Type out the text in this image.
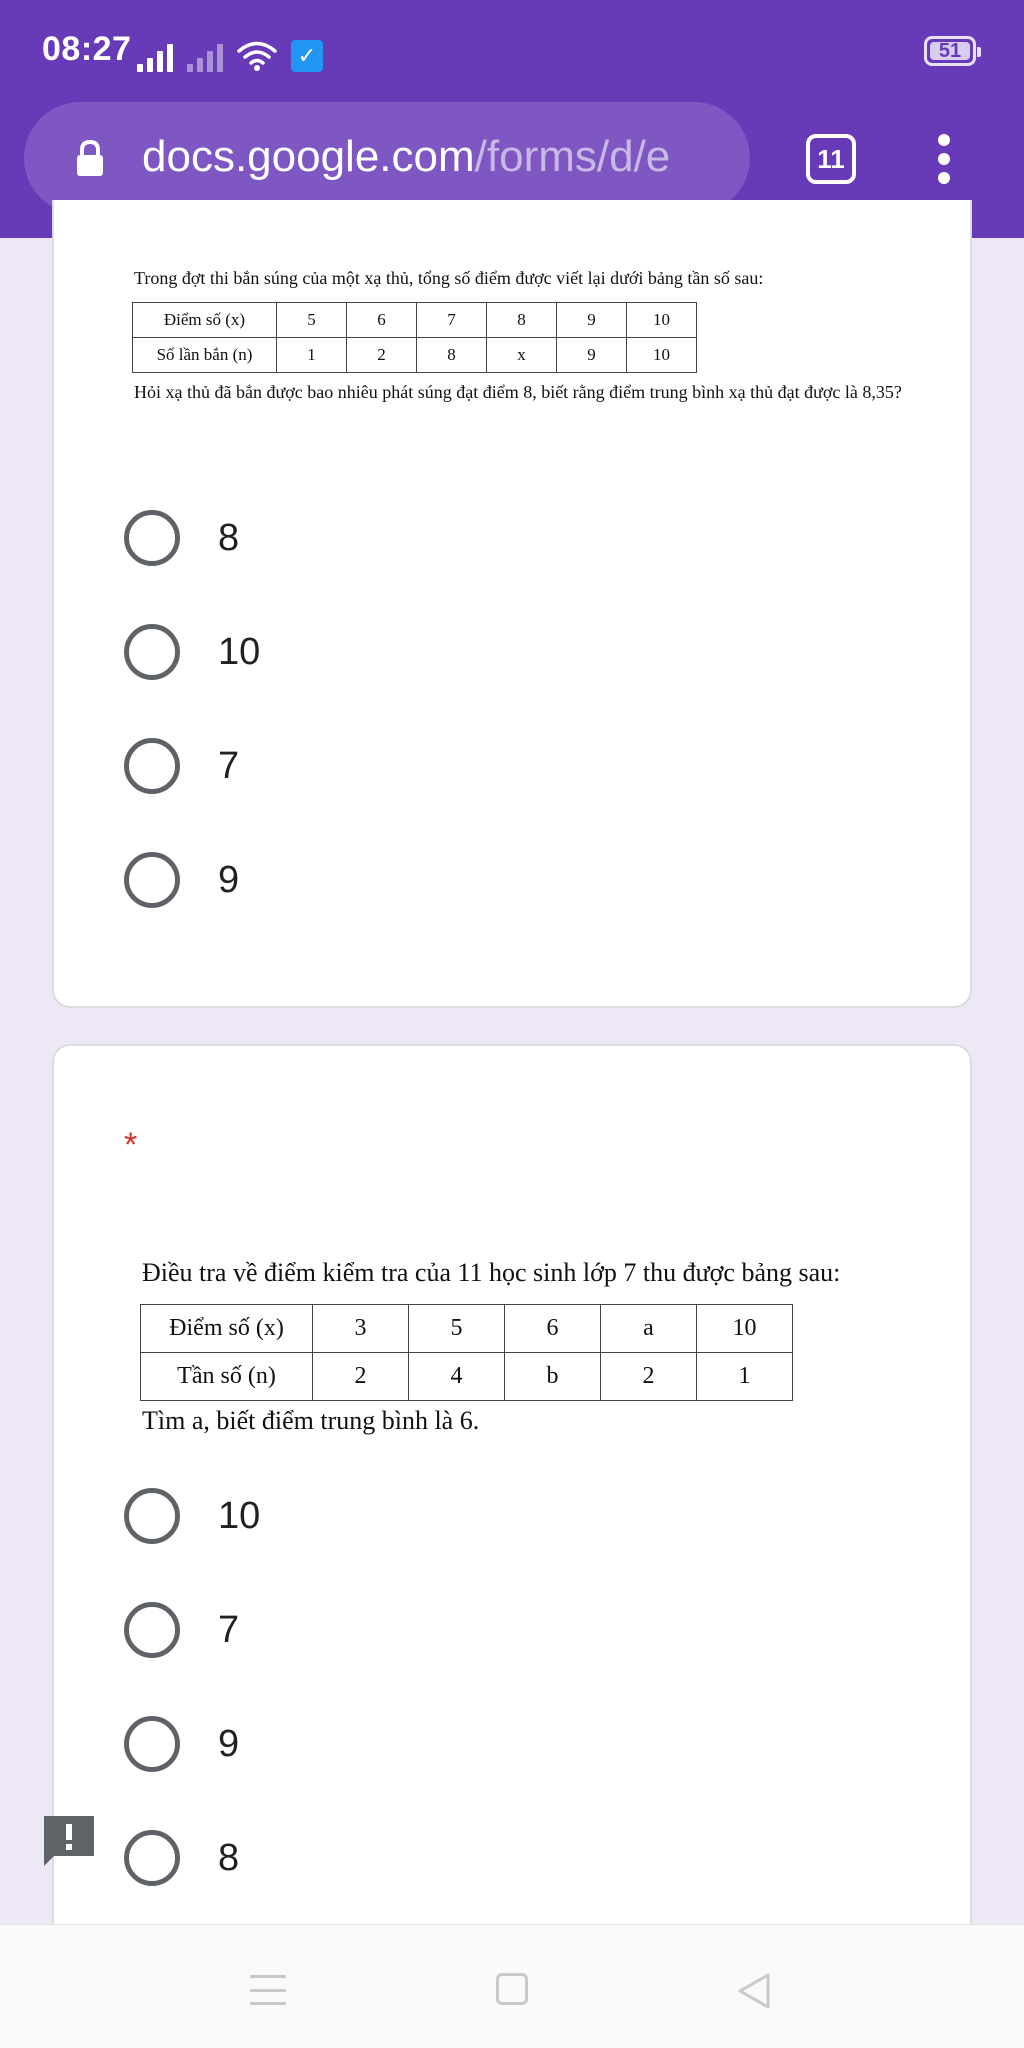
08:27	✓	51
docs.google.com/forms/d/e	11
Trong đợt thi bắn súng của một xạ thủ, tổng số điểm được viết lại dưới bảng tần số sau:
Điểm số (x)	5	6	7	8	9	10
Số lần bắn (n)	1	2	8	x	9	10
Hỏi xạ thủ đã bắn được bao nhiêu phát súng đạt điểm 8, biết rằng điểm trung bình xạ thủ đạt được là 8,35?
8
10
7
9
*
Điều tra về điểm kiểm tra của 11 học sinh lớp 7 thu được bảng sau:
Điểm số (x)	3	5	6	a	10
Tần số (n)	2	4	b	2	1
Tìm a, biết điểm trung bình là 6.
10
7
9
8
